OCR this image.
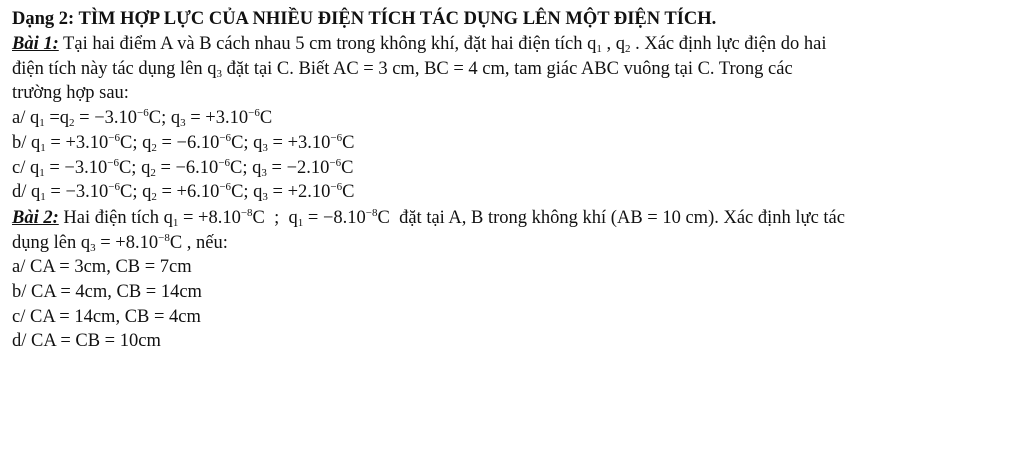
Dạng 2: TÌM HỢP LỰC CỦA NHIỀU ĐIỆN TÍCH TÁC DỤNG LÊN MỘT ĐIỆN TÍCH.
Bài 1: Tại hai điểm A và B cách nhau 5 cm trong không khí, đặt hai điện tích $q_1$ , $q_2$ . Xác định lực điện do hai
điện tích này tác dụng lên $q_3$ đặt tại C. Biết AC = 3 cm, BC = 4 cm, tam giác ABC vuông tại C. Trong các
trường hợp sau:
a/ $q_1 =q_2 = -3.10^{-6}C$; $q_3 = +3.10^{-6}C$
b/ $q_1 = +3.10^{-6}C$; $q_2 = -6.10^{-6}C$; $q_3 = +3.10^{-6}C$
c/ $q_1 = -3.10^{-6}C$; $q_2 = -6.10^{-6}C$; $q_3 = -2.10^{-6}C$
d/ $q_1 = -3.10^{-6}C$; $q_2 = +6.10^{-6}C$; $q_3 = +2.10^{-6}C$
Bài 2: Hai điện tích $q_1 = +8.10^{-8}C$  ;  $q_1 = -8.10^{-8}C$  đặt tại A, B trong không khí (AB = 10 cm). Xác định lực tác
dụng lên $q_3 = +8.10^{-8}C$ , nếu:
a/ CA = 3cm, CB = 7cm
b/ CA = 4cm, CB = 14cm
c/ CA = 14cm, CB = 4cm
d/ CA = CB = 10cm
